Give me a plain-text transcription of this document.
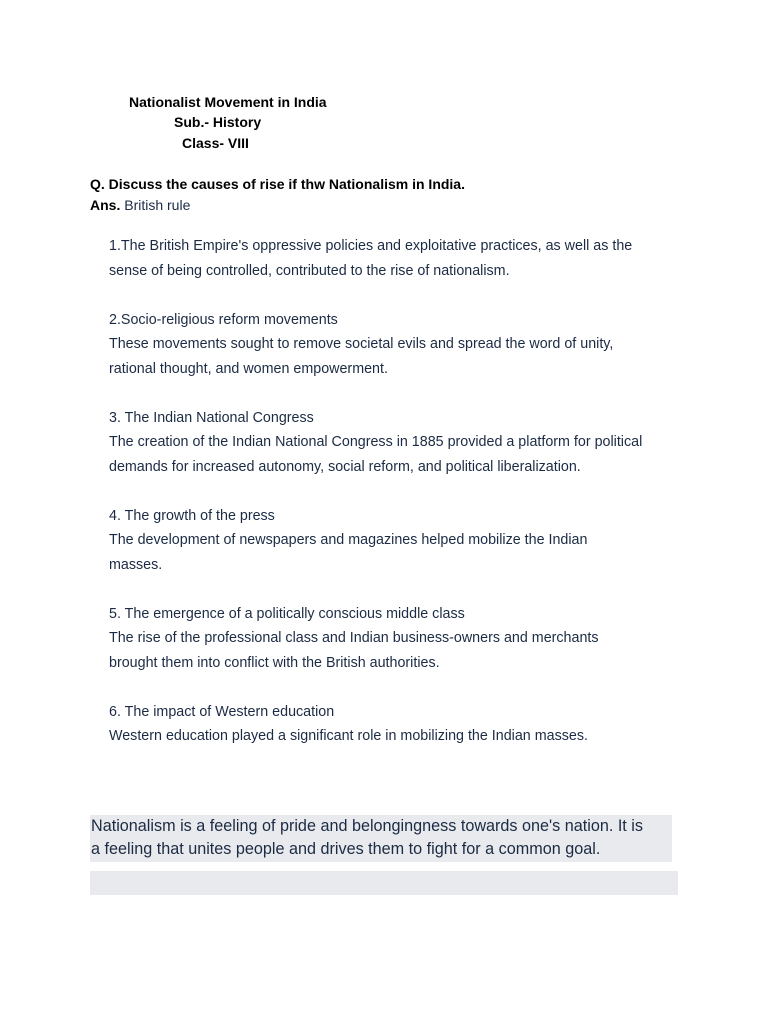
Nationalist Movement in India
Sub.- History
Class- VIII
Q. Discuss the causes of rise if thw Nationalism in India.
Ans. British rule
1.The British Empire's oppressive policies and exploitative practices, as well as the
sense of being controlled, contributed to the rise of nationalism.
2.Socio-religious reform movements
These movements sought to remove societal evils and spread the word of unity,
rational thought, and women empowerment.
3. The Indian National Congress
The creation of the Indian National Congress in 1885 provided a platform for political
demands for increased autonomy, social reform, and political liberalization.
4. The growth of the press
The development of newspapers and magazines helped mobilize the Indian
masses.
5. The emergence of a politically conscious middle class
The rise of the professional class and Indian business-owners and merchants
brought them into conflict with the British authorities.
6. The impact of Western education
Western education played a significant role in mobilizing the Indian masses.
Nationalism is a feeling of pride and belongingness towards one's nation. It is
a feeling that unites people and drives them to fight for a common goal.
